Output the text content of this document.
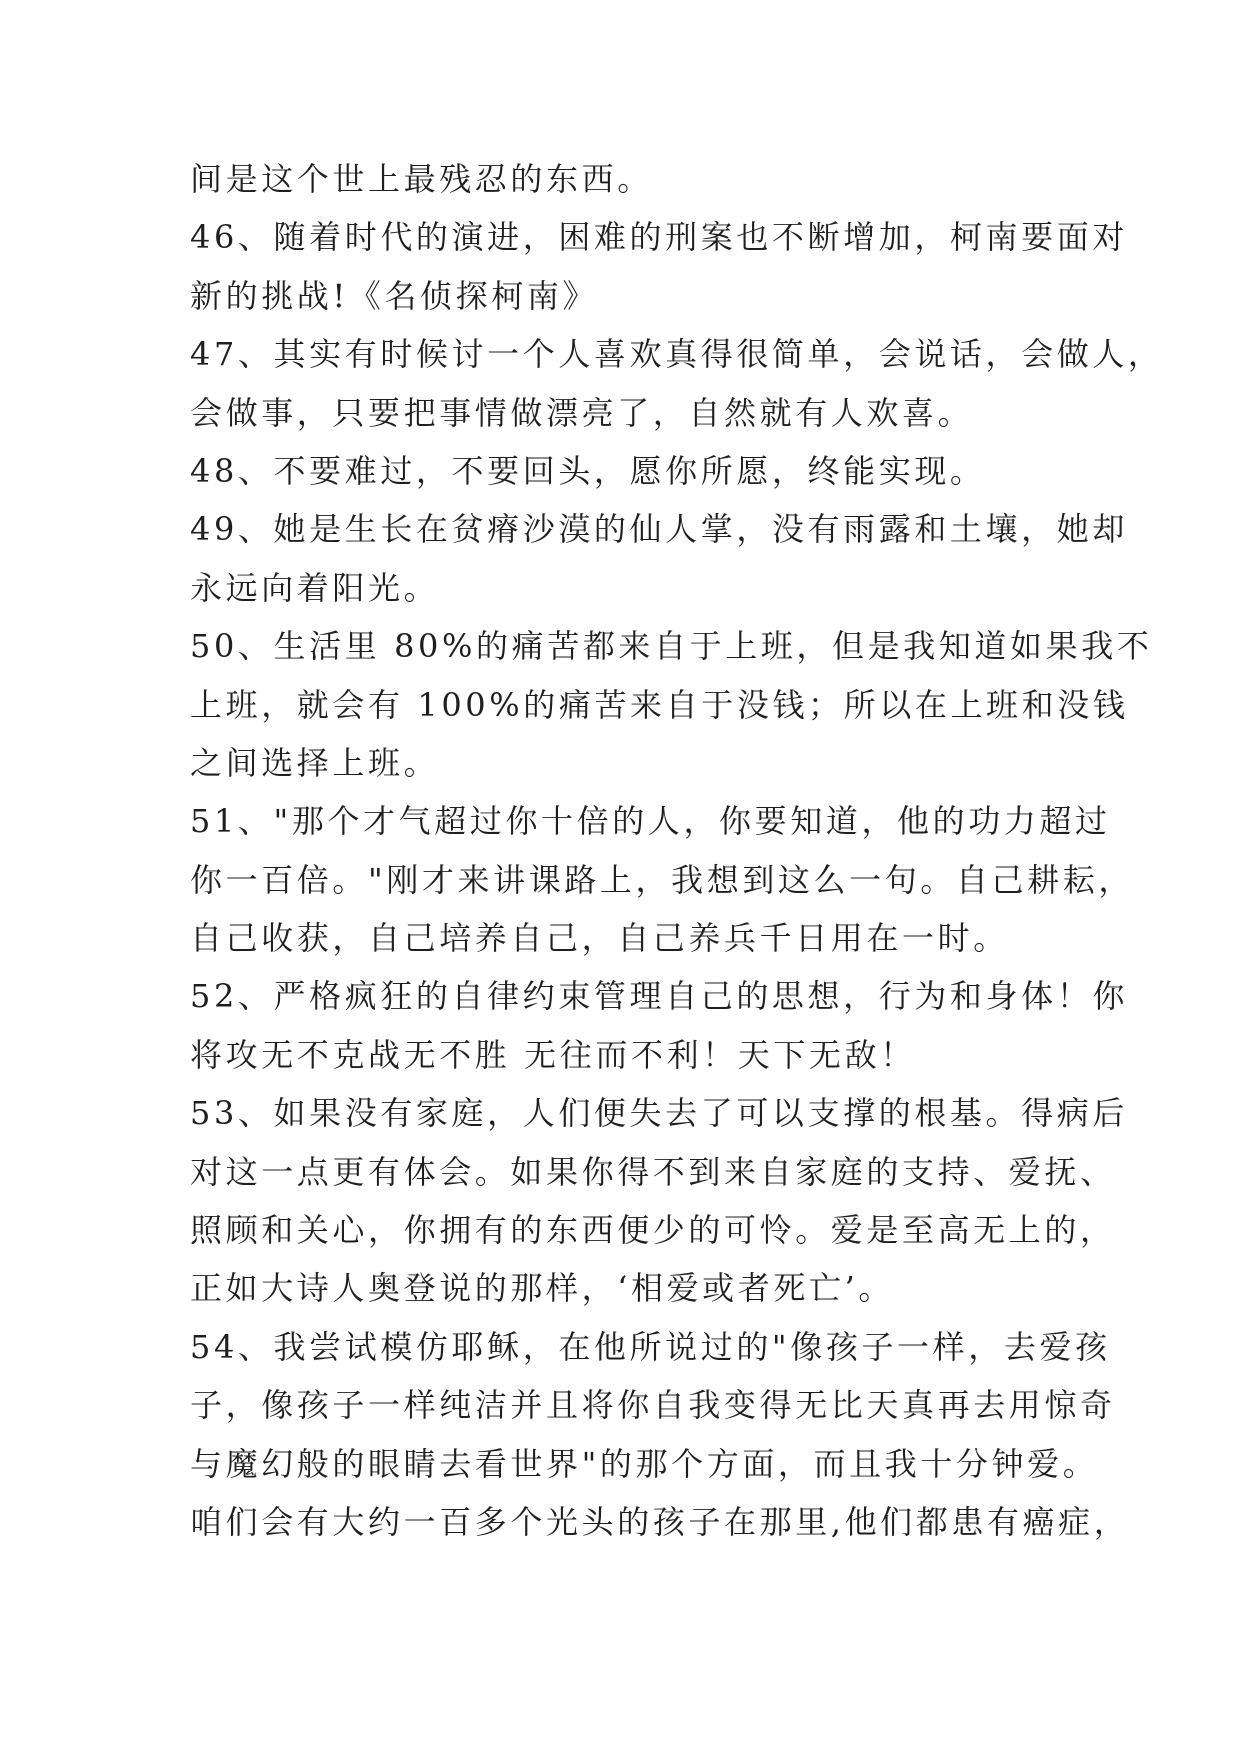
间是这个世上最残忍的东西。
46、随着时代的演进，困难的刑案也不断增加，柯南要面对
新的挑战!《名侦探柯南》
47、其实有时候讨一个人喜欢真得很简单，会说话，会做人，
会做事，只要把事情做漂亮了，自然就有人欢喜。
48、不要难过，不要回头，愿你所愿，终能实现。
49、她是生长在贫瘠沙漠的仙人掌，没有雨露和土壤，她却
永远向着阳光。
50、生活里 80%的痛苦都来自于上班，但是我知道如果我不
上班，就会有 100%的痛苦来自于没钱；所以在上班和没钱
之间选择上班。
51、"那个才气超过你十倍的人，你要知道，他的功力超过
你一百倍。"刚才来讲课路上，我想到这么一句。自己耕耘，
自己收获，自己培养自己，自己养兵千日用在一时。
52、严格疯狂的自律约束管理自己的思想，行为和身体！你
将攻无不克战无不胜 无往而不利！天下无敌！
53、如果没有家庭，人们便失去了可以支撑的根基。得病后
对这一点更有体会。如果你得不到来自家庭的支持、爱抚、
照顾和关心，你拥有的东西便少的可怜。爱是至高无上的，
正如大诗人奥登说的那样，‘相爱或者死亡’。
54、我尝试模仿耶稣，在他所说过的"像孩子一样，去爱孩
子，像孩子一样纯洁并且将你自我变得无比天真再去用惊奇
与魔幻般的眼睛去看世界"的那个方面，而且我十分钟爱。
咱们会有大约一百多个光头的孩子在那里,他们都患有癌症，
